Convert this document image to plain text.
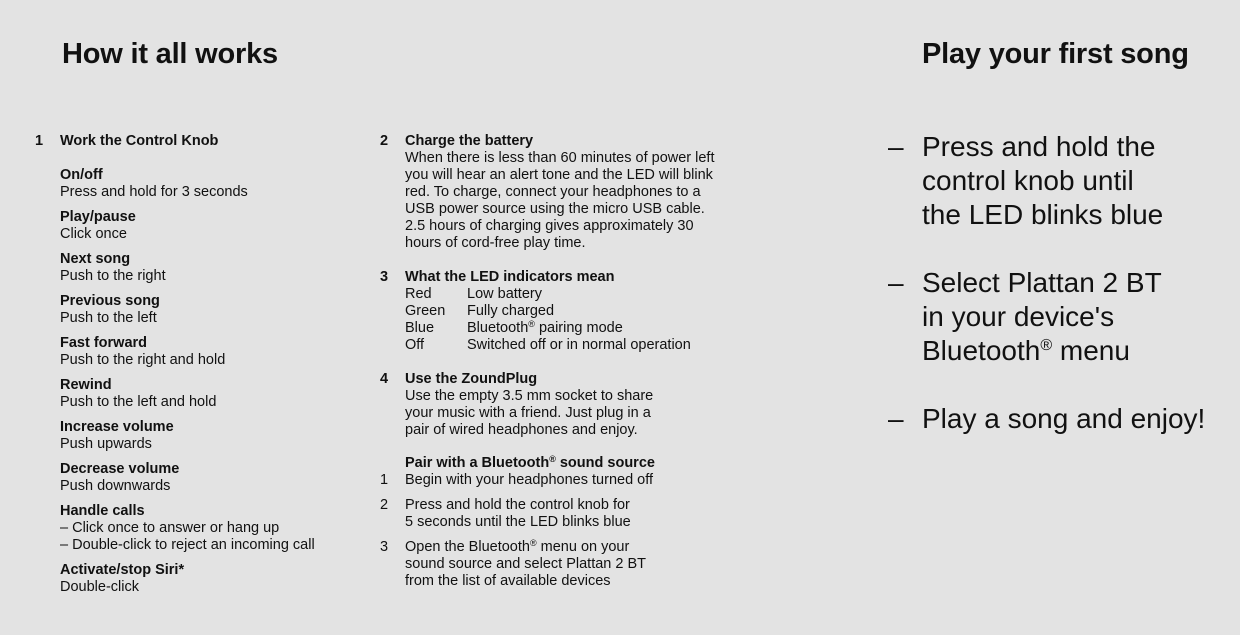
How it all works	Play your first song
1	Work the Control Knob
On/off
Press and hold for 3 seconds
Play/pause
Click once
Next song
Push to the right
Previous song
Push to the left
Fast forward
Push to the right and hold
Rewind
Push to the left and hold
Increase volume
Push upwards
Decrease volume
Push downwards
Handle calls
– Click once to answer or hang up
– Double-click to reject an incoming call
Activate/stop Siri*
Double-click
2 Charge the battery
When there is less than 60 minutes of power left
you will hear an alert tone and the LED will blink
red. To charge, connect your headphones to a
USB power source using the micro USB cable.
2.5 hours of charging gives approximately 30
hours of cord-free play time.
3 What the LED indicators mean
Red	Low battery
Green	Fully charged
Blue	Bluetooth® pairing mode
Off	Switched off or in normal operation
4 Use the ZoundPlug
Use the empty 3.5 mm socket to share
your music with a friend. Just plug in a
pair of wired headphones and enjoy.
Pair with a Bluetooth® sound source
1 Begin with your headphones turned off
2 Press and hold the control knob for
5 seconds until the LED blinks blue
3 Open the Bluetooth® menu on your
sound source and select Plattan 2 BT
from the list of available devices
– Press and hold the
control knob until
the LED blinks blue
– Select Plattan 2 BT
in your device's
Bluetooth® menu
– Play a song and enjoy!
